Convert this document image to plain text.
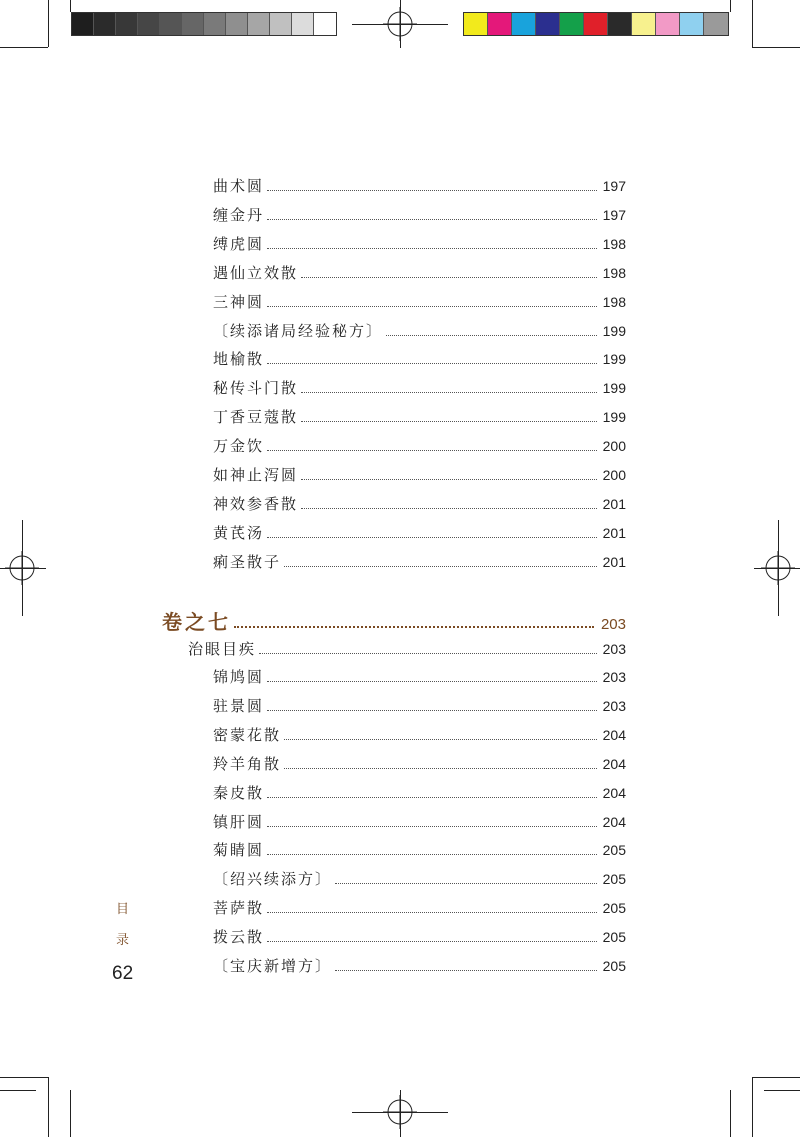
曲术圆	197
缠金丹	197
缚虎圆	198
遇仙立效散	198
三神圆	198
〔续添诸局经验秘方〕	199
地榆散	199
秘传斗门散	199
丁香豆蔻散	199
万金饮	200
如神止泻圆	200
神效参香散	201
黄芪汤	201
痢圣散子	201
卷之七	203
治眼目疾	203
锦鸠圆	203
驻景圆	203
密蒙花散	204
羚羊角散	204
秦皮散	204
镇肝圆	204
菊睛圆	205
〔绍兴续添方〕	205
菩萨散	205
拨云散	205
〔宝庆新增方〕	205
目
录
62
